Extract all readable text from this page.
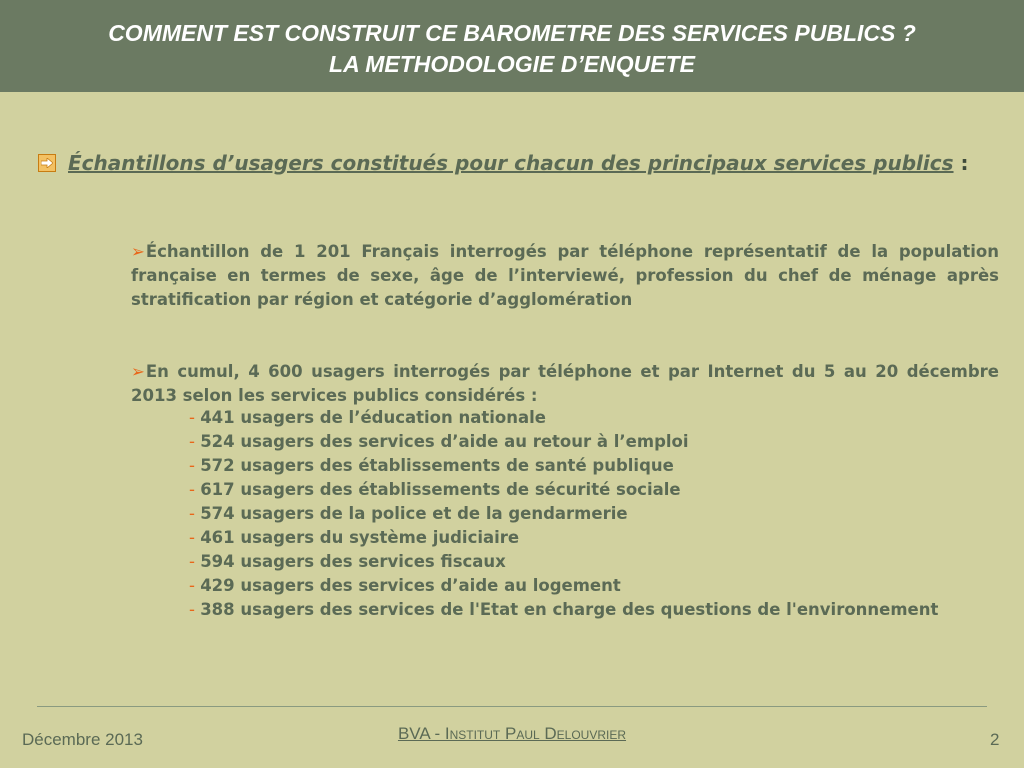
COMMENT EST CONSTRUIT CE BAROMETRE DES SERVICES PUBLICS ?
LA METHODOLOGIE D’ENQUETE
Échantillons d’usagers constitués pour chacun des principaux services publics :
➢Échantillon de 1 201 Français interrogés par téléphone représentatif de la population française en termes de sexe, âge de l’interviewé, profession du chef de ménage après stratification par région et catégorie d’agglomération
➢En cumul, 4 600 usagers interrogés par téléphone et par Internet du 5 au 20 décembre 2013 selon les services publics considérés :
- 441 usagers de l’éducation nationale
- 524 usagers des services d’aide au retour à l’emploi
- 572 usagers des établissements de santé publique
- 617 usagers des établissements de sécurité sociale
- 574 usagers de la police et de la gendarmerie
- 461 usagers du système judiciaire
- 594 usagers des services fiscaux
- 429 usagers des services d’aide au logement
- 388 usagers des services de l'Etat en charge des questions de l'environnement
Décembre 2013	BVA - Institut Paul Delouvrier	2
